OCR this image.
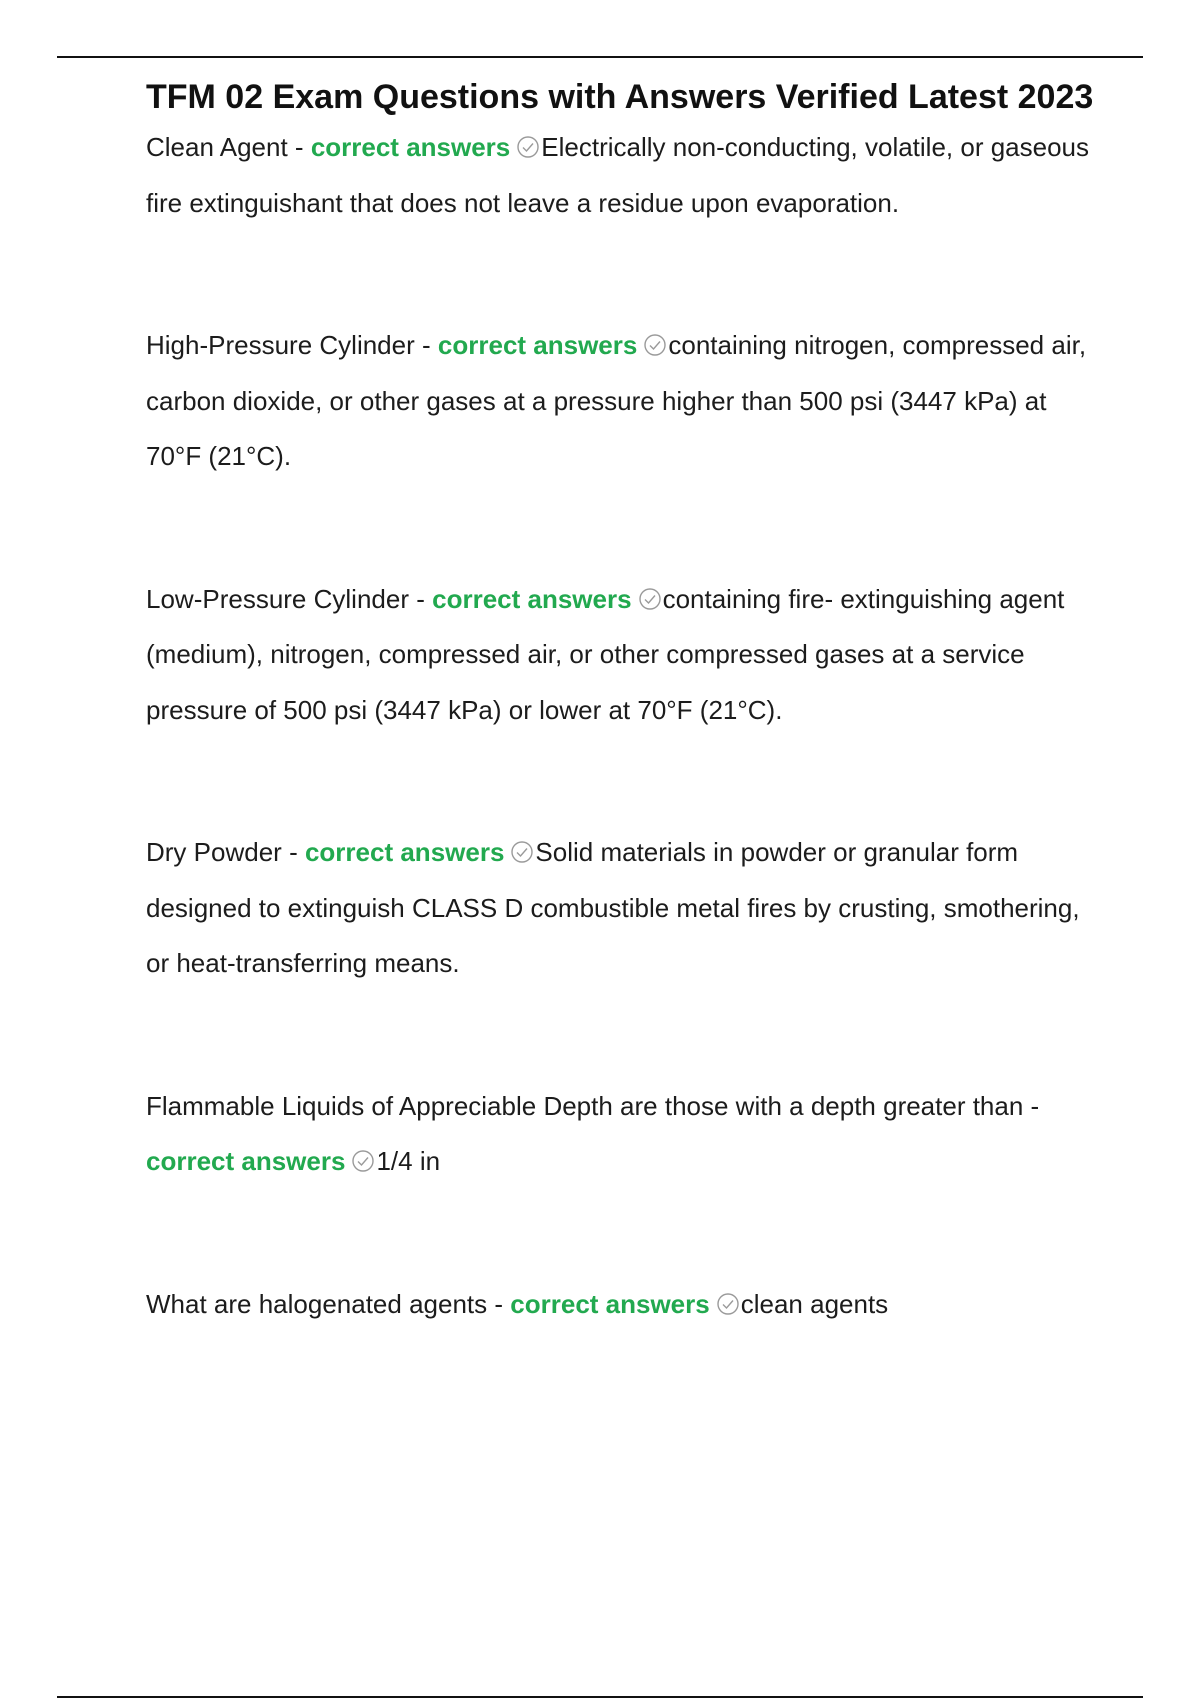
TFM 02 Exam Questions with Answers Verified Latest 2023

Clean Agent - correct answers Electrically non-conducting, volatile, or gaseous fire extinguishant that does not leave a residue upon evaporation.

High-Pressure Cylinder - correct answers containing nitrogen, compressed air, carbon dioxide, or other gases at a pressure higher than 500 psi (3447 kPa) at 70°F (21°C).

Low-Pressure Cylinder - correct answers containing fire- extinguishing agent (medium), nitrogen, compressed air, or other compressed gases at a service pressure of 500 psi (3447 kPa) or lower at 70°F (21°C).

Dry Powder - correct answers Solid materials in powder or granular form designed to extinguish CLASS D combustible metal fires by crusting, smothering, or heat-transferring means.

Flammable Liquids of Appreciable Depth are those with a depth greater than - correct answers 1/4 in

What are halogenated agents - correct answers clean agents
